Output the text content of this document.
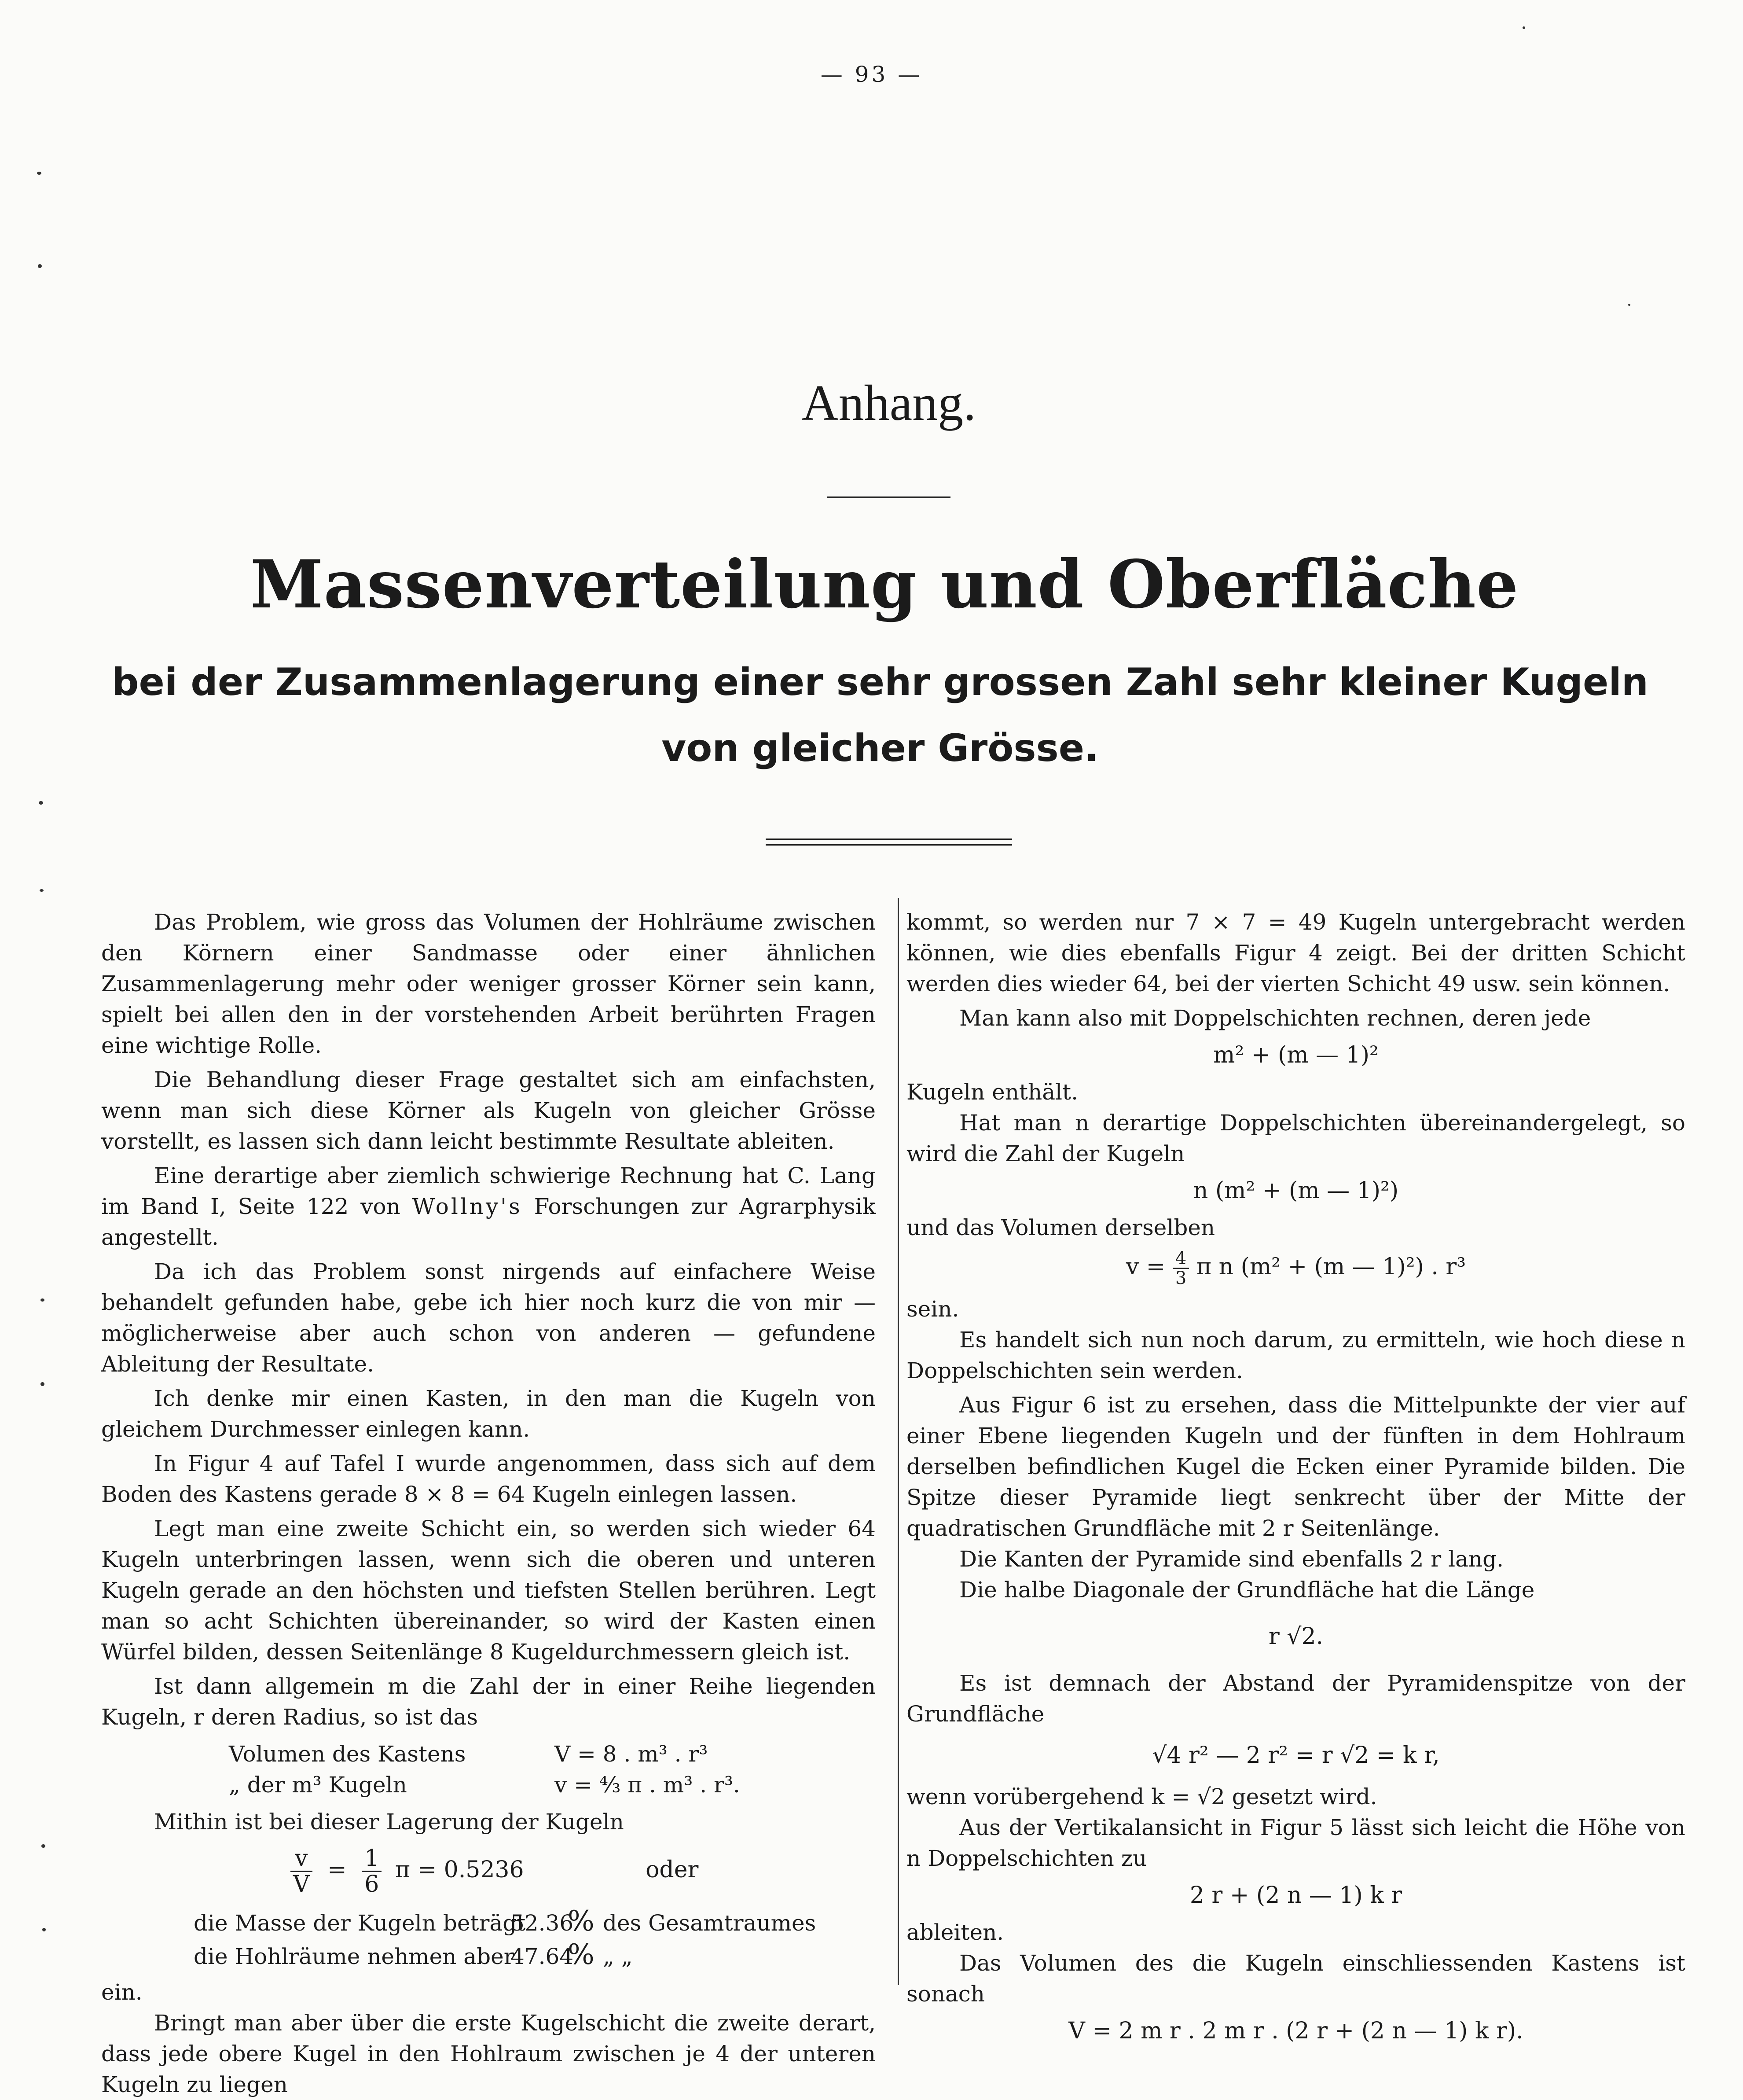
— 93 —
Anhang.
Massenverteilung und Oberfläche
bei der Zusammenlagerung einer sehr grossen Zahl sehr kleiner Kugeln
von gleicher Grösse.

Das Problem, wie gross das Volumen der Hohlräume zwischen den Körnern einer Sandmasse oder einer ähnlichen Zusammenlagerung mehr oder weniger grosser Körner sein kann, spielt bei allen den in der vorstehenden Arbeit berührten Fragen eine wichtige Rolle.

Die Behandlung dieser Frage gestaltet sich am einfachsten, wenn man sich diese Körner als Kugeln von gleicher Grösse vorstellt, es lassen sich dann leicht bestimmte Resultate ableiten.

Eine derartige aber ziemlich schwierige Rechnung hat C. Lang im Band I, Seite 122 von Wollny's Forschungen zur Agrarphysik angestellt.

Da ich das Problem sonst nirgends auf einfachere Weise behandelt gefunden habe, gebe ich hier noch kurz die von mir — möglicherweise aber auch schon von anderen — gefundene Ableitung der Resultate.

Ich denke mir einen Kasten, in den man die Kugeln von gleichem Durchmesser einlegen kann.

In Figur 4 auf Tafel I wurde angenommen, dass sich auf dem Boden des Kastens gerade 8 ⨯ 8 = 64 Kugeln einlegen lassen.

Legt man eine zweite Schicht ein, so werden sich wieder 64 Kugeln unterbringen lassen, wenn sich die oberen und unteren Kugeln gerade an den höchsten und tiefsten Stellen berühren. Legt man so acht Schichten übereinander, so wird der Kasten einen Würfel bilden, dessen Seitenlänge 8 Kugeldurchmessern gleich ist.

Ist dann allgemein m die Zahl der in einer Reihe liegenden Kugeln, r deren Radius, so ist das

Volumen des Kastens	V = 8 . m³ . r³
„ der m³ Kugeln	v = ⁴⁄₃ π . m³ . r³.

Mithin ist bei dieser Lagerung der Kugeln

$\frac{v}{V} = \frac{1}{6}$ π = 0.5236	oder
die Masse der Kugeln beträgt52.36% des Gesamtraumes
die Hohlräume nehmen aber47.64% „ „

ein.

Bringt man aber über die erste Kugelschicht die zweite derart, dass jede obere Kugel in den Hohlraum zwischen je 4 der unteren Kugeln zu liegen

kommt, so werden nur 7 ⨯ 7 = 49 Kugeln untergebracht werden können, wie dies ebenfalls Figur 4 zeigt. Bei der dritten Schicht werden dies wieder 64, bei der vierten Schicht 49 usw. sein können.

Man kann also mit Doppelschichten rechnen, deren jede

m² + (m — 1)²

Kugeln enthält.

Hat man n derartige Doppelschichten übereinandergelegt, so wird die Zahl der Kugeln

n (m² + (m — 1)²)

und das Volumen derselben

$v = \frac{4}{3}$ π n (m² + (m — 1)²) . r³

sein.

Es handelt sich nun noch darum, zu ermitteln, wie hoch diese n Doppelschichten sein werden.

Aus Figur 6 ist zu ersehen, dass die Mittelpunkte der vier auf einer Ebene liegenden Kugeln und der fünften in dem Hohlraum derselben befindlichen Kugel die Ecken einer Pyramide bilden. Die Spitze dieser Pyramide liegt senkrecht über der Mitte der quadratischen Grundfläche mit 2 r Seitenlänge.

Die Kanten der Pyramide sind ebenfalls 2 r lang.

Die halbe Diagonale der Grundfläche hat die Länge

r √2.

Es ist demnach der Abstand der Pyramidenspitze von der Grundfläche

√4 r² — 2 r² = r √2 = k r,

wenn vorübergehend k = √2 gesetzt wird.

Aus der Vertikalansicht in Figur 5 lässt sich leicht die Höhe von n Doppelschichten zu

2 r + (2 n — 1) k r

ableiten.

Das Volumen des die Kugeln einschliessenden Kastens ist sonach

V = 2 m r . 2 m r . (2 r + (2 n — 1) k r).
